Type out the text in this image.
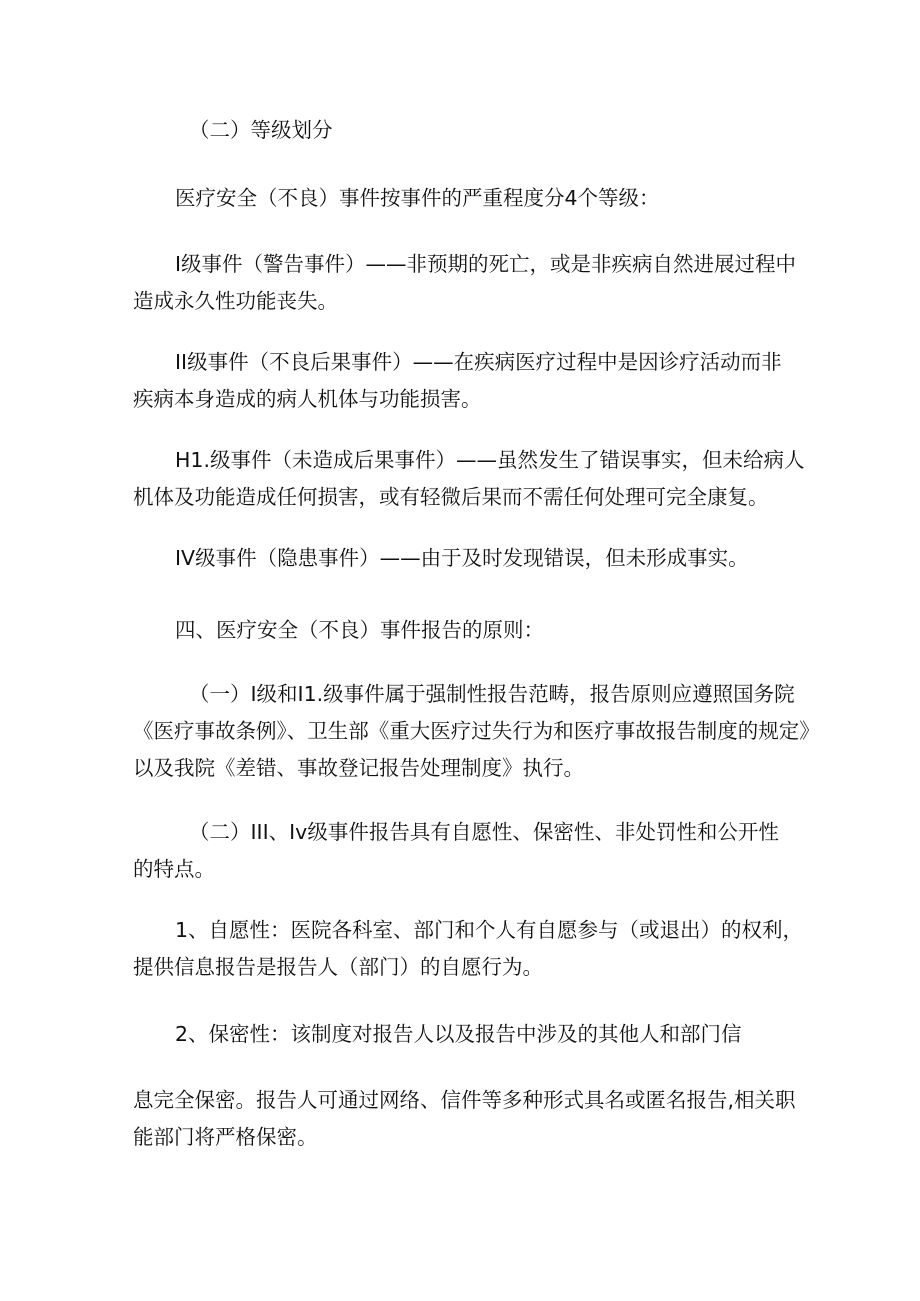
（二）等级划分

医疗安全（不良）事件按事件的严重程度分4个等级：

I级事件（警告事件）——非预期的死亡，或是非疾病自然进展过程中
造成永久性功能丧失。

II级事件（不良后果事件）——在疾病医疗过程中是因诊疗活动而非
疾病本身造成的病人机体与功能损害。

H1.级事件（未造成后果事件）——虽然发生了错误事实，但未给病人
机体及功能造成任何损害，或有轻微后果而不需任何处理可完全康复。

IV级事件（隐患事件）——由于及时发现错误，但未形成事实。

四、医疗安全（不良）事件报告的原则：

（一）I级和I1.级事件属于强制性报告范畴，报告原则应遵照国务院
《医疗事故条例》、卫生部《重大医疗过失行为和医疗事故报告制度的规定》
以及我院《差错、事故登记报告处理制度》执行。

（二）III、Iv级事件报告具有自愿性、保密性、非处罚性和公开性
的特点。

1、自愿性：医院各科室、部门和个人有自愿参与（或退出）的权利，
提供信息报告是报告人（部门）的自愿行为。

2、保密性：该制度对报告人以及报告中涉及的其他人和部门信

息完全保密。报告人可通过网络、信件等多种形式具名或匿名报告,相关职
能部门将严格保密。
